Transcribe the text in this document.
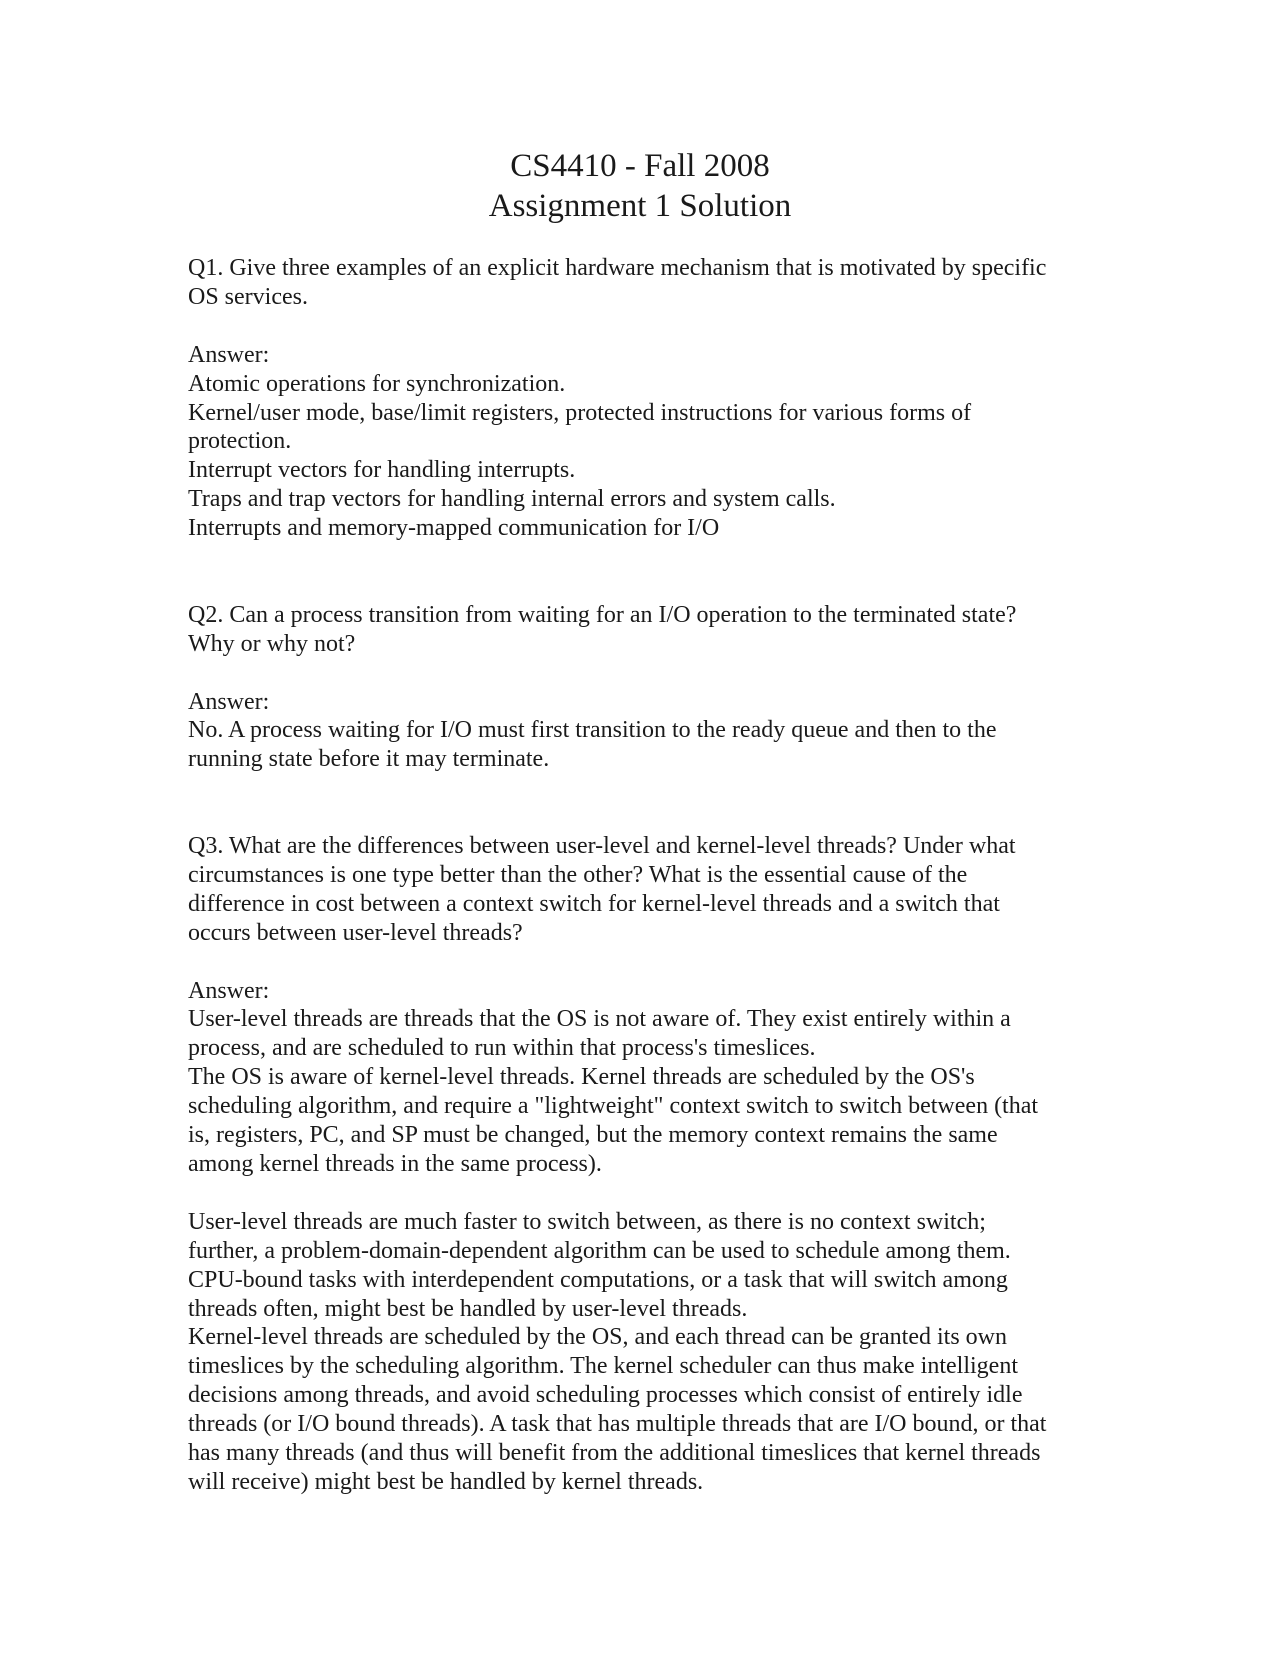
CS4410 - Fall 2008
Assignment 1 Solution
Q1. Give three examples of an explicit hardware mechanism that is motivated by specific
OS services.
Answer:
Atomic operations for synchronization.
Kernel/user mode, base/limit registers, protected instructions for various forms of
protection.
Interrupt vectors for handling interrupts.
Traps and trap vectors for handling internal errors and system calls.
Interrupts and memory-mapped communication for I/O
Q2. Can a process transition from waiting for an I/O operation to the terminated state?
Why or why not?
Answer:
No. A process waiting for I/O must first transition to the ready queue and then to the
running state before it may terminate.
Q3. What are the differences between user-level and kernel-level threads? Under what
circumstances is one type better than the other? What is the essential cause of the
difference in cost between a context switch for kernel-level threads and a switch that
occurs between user-level threads?
Answer:
User-level threads are threads that the OS is not aware of. They exist entirely within a
process, and are scheduled to run within that process's timeslices.
The OS is aware of kernel-level threads. Kernel threads are scheduled by the OS's
scheduling algorithm, and require a "lightweight" context switch to switch between (that
is, registers, PC, and SP must be changed, but the memory context remains the same
among kernel threads in the same process).
User-level threads are much faster to switch between, as there is no context switch;
further, a problem-domain-dependent algorithm can be used to schedule among them.
CPU-bound tasks with interdependent computations, or a task that will switch among
threads often, might best be handled by user-level threads.
Kernel-level threads are scheduled by the OS, and each thread can be granted its own
timeslices by the scheduling algorithm. The kernel scheduler can thus make intelligent
decisions among threads, and avoid scheduling processes which consist of entirely idle
threads (or I/O bound threads). A task that has multiple threads that are I/O bound, or that
has many threads (and thus will benefit from the additional timeslices that kernel threads
will receive) might best be handled by kernel threads.
